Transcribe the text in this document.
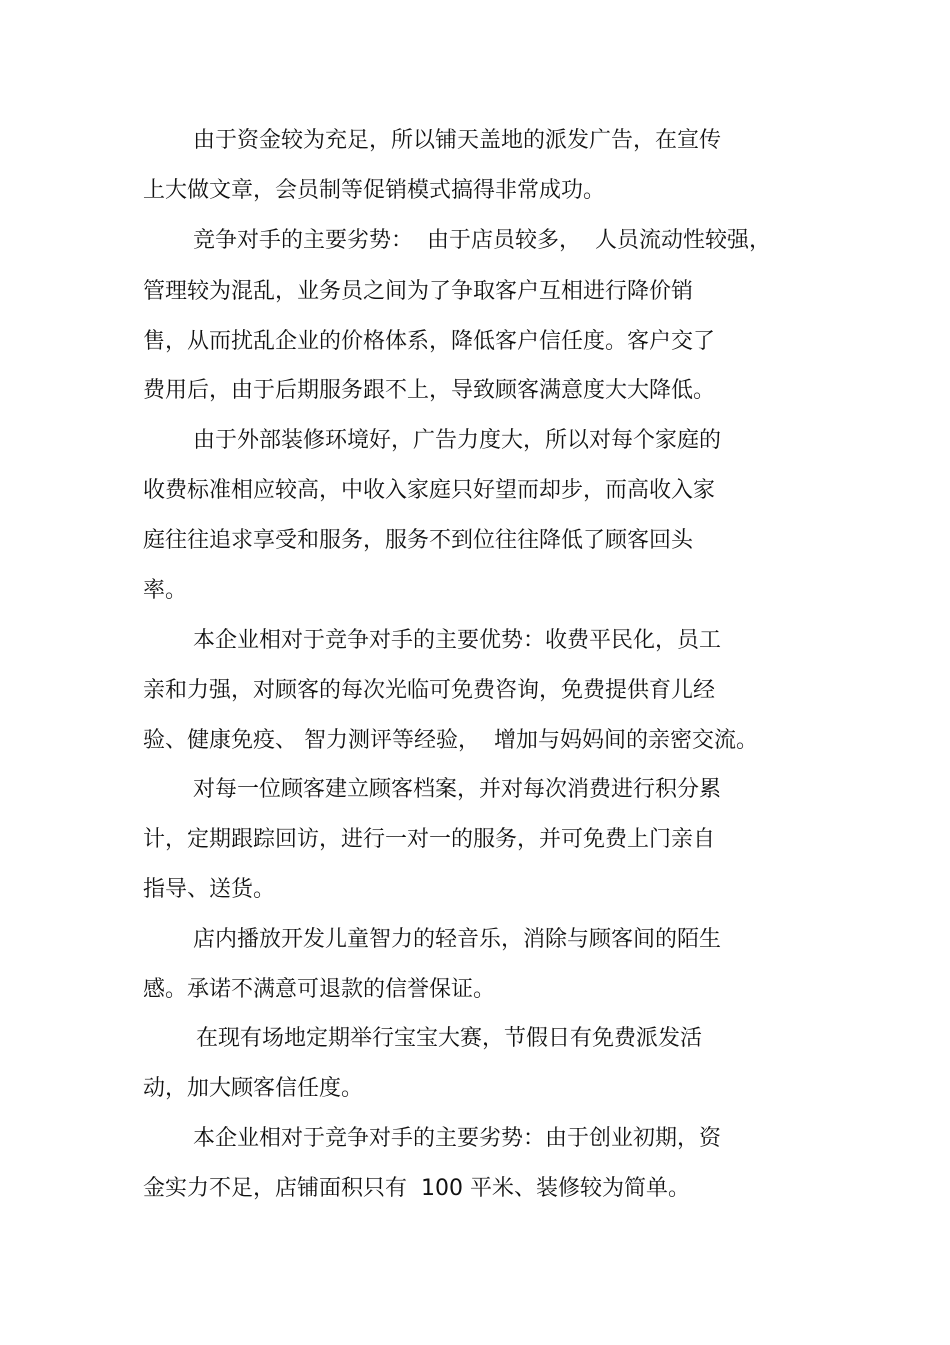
由于资金较为充足，所以铺天盖地的派发广告，在宣传

上大做文章，会员制等促销模式搞得非常成功。

竞争对手的主要劣势：  由于店员较多，  人员流动性较强，

管理较为混乱，业务员之间为了争取客户互相进行降价销

售，从而扰乱企业的价格体系，降低客户信任度。客户交了

费用后，由于后期服务跟不上，导致顾客满意度大大降低。

由于外部装修环境好，广告力度大，所以对每个家庭的

收费标准相应较高，中收入家庭只好望而却步，而高收入家

庭往往追求享受和服务，服务不到位往往降低了顾客回头

率。

本企业相对于竞争对手的主要优势：收费平民化，员工

亲和力强，对顾客的每次光临可免费咨询，免费提供育儿经

验、健康免疫、 智力测评等经验，  增加与妈妈间的亲密交流。

对每一位顾客建立顾客档案，并对每次消费进行积分累

计，定期跟踪回访，进行一对一的服务，并可免费上门亲自

指导、送货。

店内播放开发儿童智力的轻音乐，消除与顾客间的陌生

感。承诺不满意可退款的信誉保证。

在现有场地定期举行宝宝大赛，节假日有免费派发活

动，加大顾客信任度。

本企业相对于竞争对手的主要劣势：由于创业初期，资

金实力不足，店铺面积只有  100 平米、装修较为简单。
